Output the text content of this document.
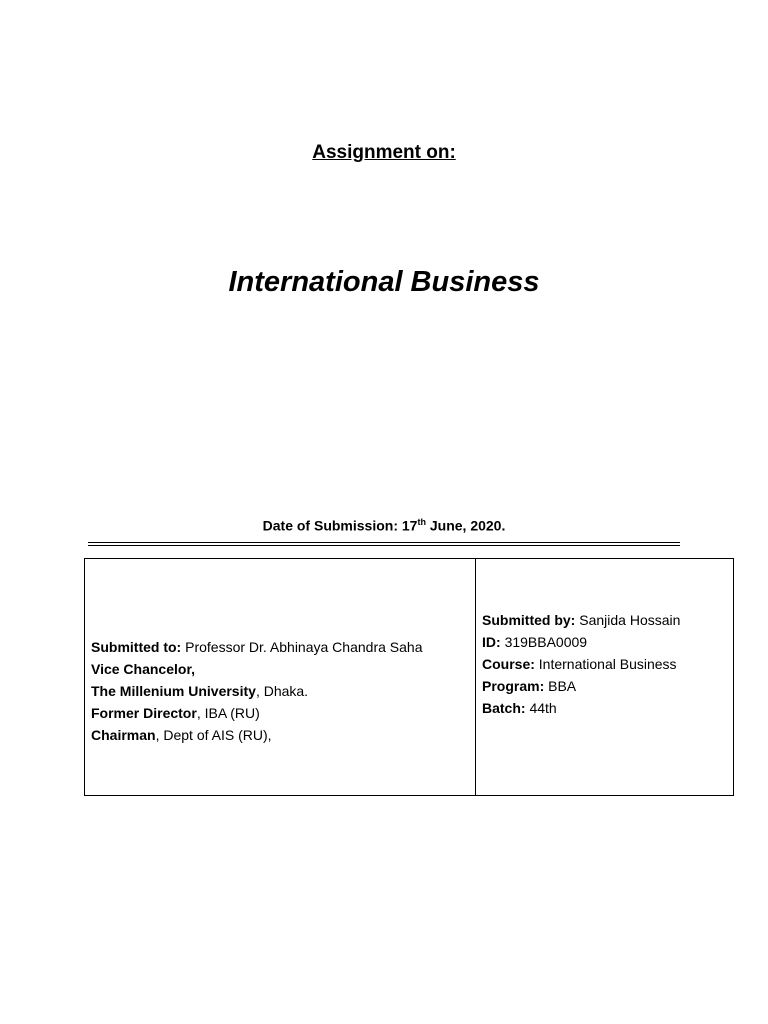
Assignment on:
International Business
Date of Submission: 17th June, 2020.
Submitted to: Professor Dr. Abhinaya Chandra Saha
Vice Chancelor,
The Millenium University, Dhaka.
Former Director, IBA (RU)
Chairman, Dept of AIS (RU),

Submitted by: Sanjida Hossain
ID: 319BBA0009
Course: International Business
Program: BBA
Batch: 44th
